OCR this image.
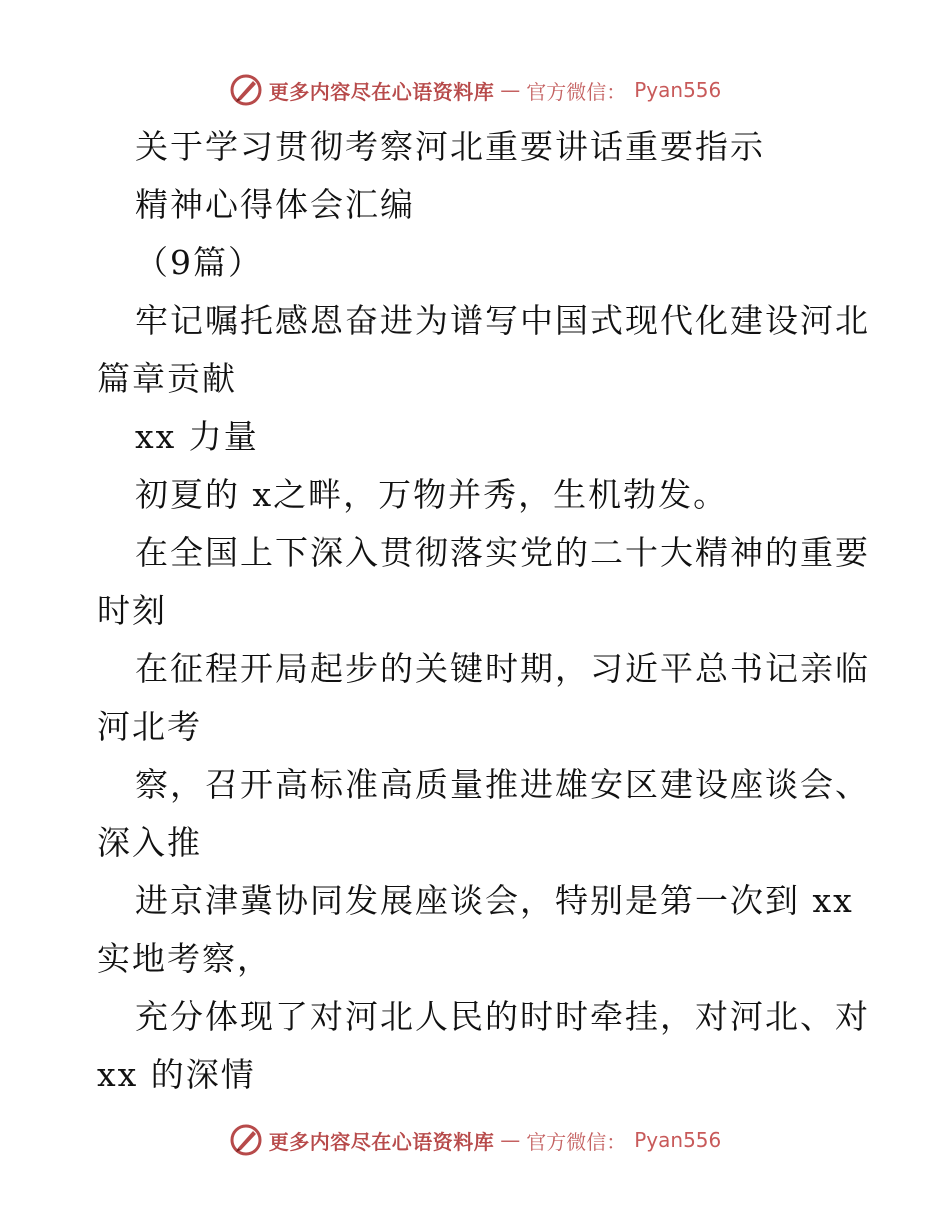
更多内容尽在心语资料库 — 官方微信： Pyan556
关于学习贯彻考察河北重要讲话重要指示
精神心得体会汇编
（9篇）
牢记嘱托感恩奋进为谱写中国式现代化建设河北
篇章贡献
xx 力量
初夏的 x之畔，万物并秀，生机勃发。
在全国上下深入贯彻落实党的二十大精神的重要
时刻
在征程开局起步的关键时期，习近平总书记亲临
河北考
察，召开高标准高质量推进雄安区建设座谈会、
深入推
进京津冀协同发展座谈会，特别是第一次到 xx
实地考察，
充分体现了对河北人民的时时牵挂，对河北、对
xx 的深情
更多内容尽在心语资料库 — 官方微信： Pyan556
